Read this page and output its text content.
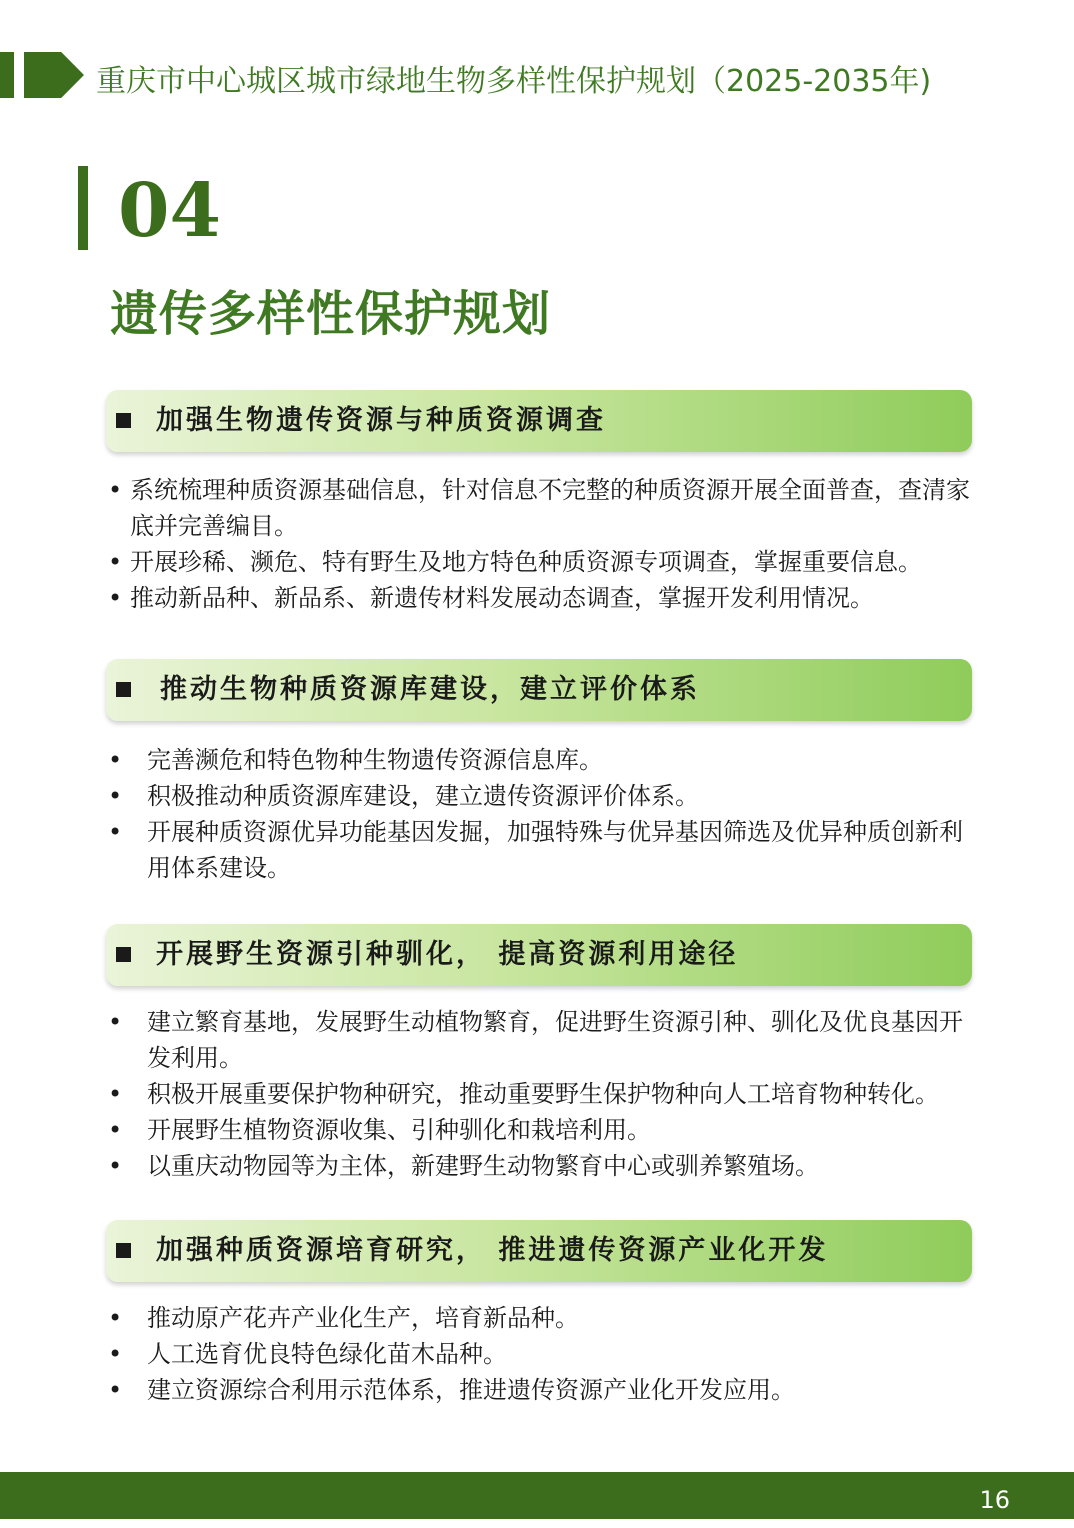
重庆市中心城区城市绿地生物多样性保护规划（2025-2035年)
04
遗传多样性保护规划
加强生物遗传资源与种质资源调查
• 系统梳理种质资源基础信息，针对信息不完整的种质资源开展全面普查，查清家底并完善编目。
• 开展珍稀、濒危、特有野生及地方特色种质资源专项调查，掌握重要信息。
• 推动新品种、新品系、新遗传材料发展动态调查，掌握开发利用情况。
推动生物种质资源库建设，建立评价体系
• 完善濒危和特色物种生物遗传资源信息库。
• 积极推动种质资源库建设，建立遗传资源评价体系。
• 开展种质资源优异功能基因发掘，加强特殊与优异基因筛选及优异种质创新利用体系建设。
开展野生资源引种驯化， 提高资源利用途径
• 建立繁育基地，发展野生动植物繁育，促进野生资源引种、驯化及优良基因开发利用。
• 积极开展重要保护物种研究，推动重要野生保护物种向人工培育物种转化。
• 开展野生植物资源收集、引种驯化和栽培利用。
• 以重庆动物园等为主体，新建野生动物繁育中心或驯养繁殖场。
加强种质资源培育研究， 推进遗传资源产业化开发
• 推动原产花卉产业化生产，培育新品种。
• 人工选育优良特色绿化苗木品种。
• 建立资源综合利用示范体系，推进遗传资源产业化开发应用。
16
